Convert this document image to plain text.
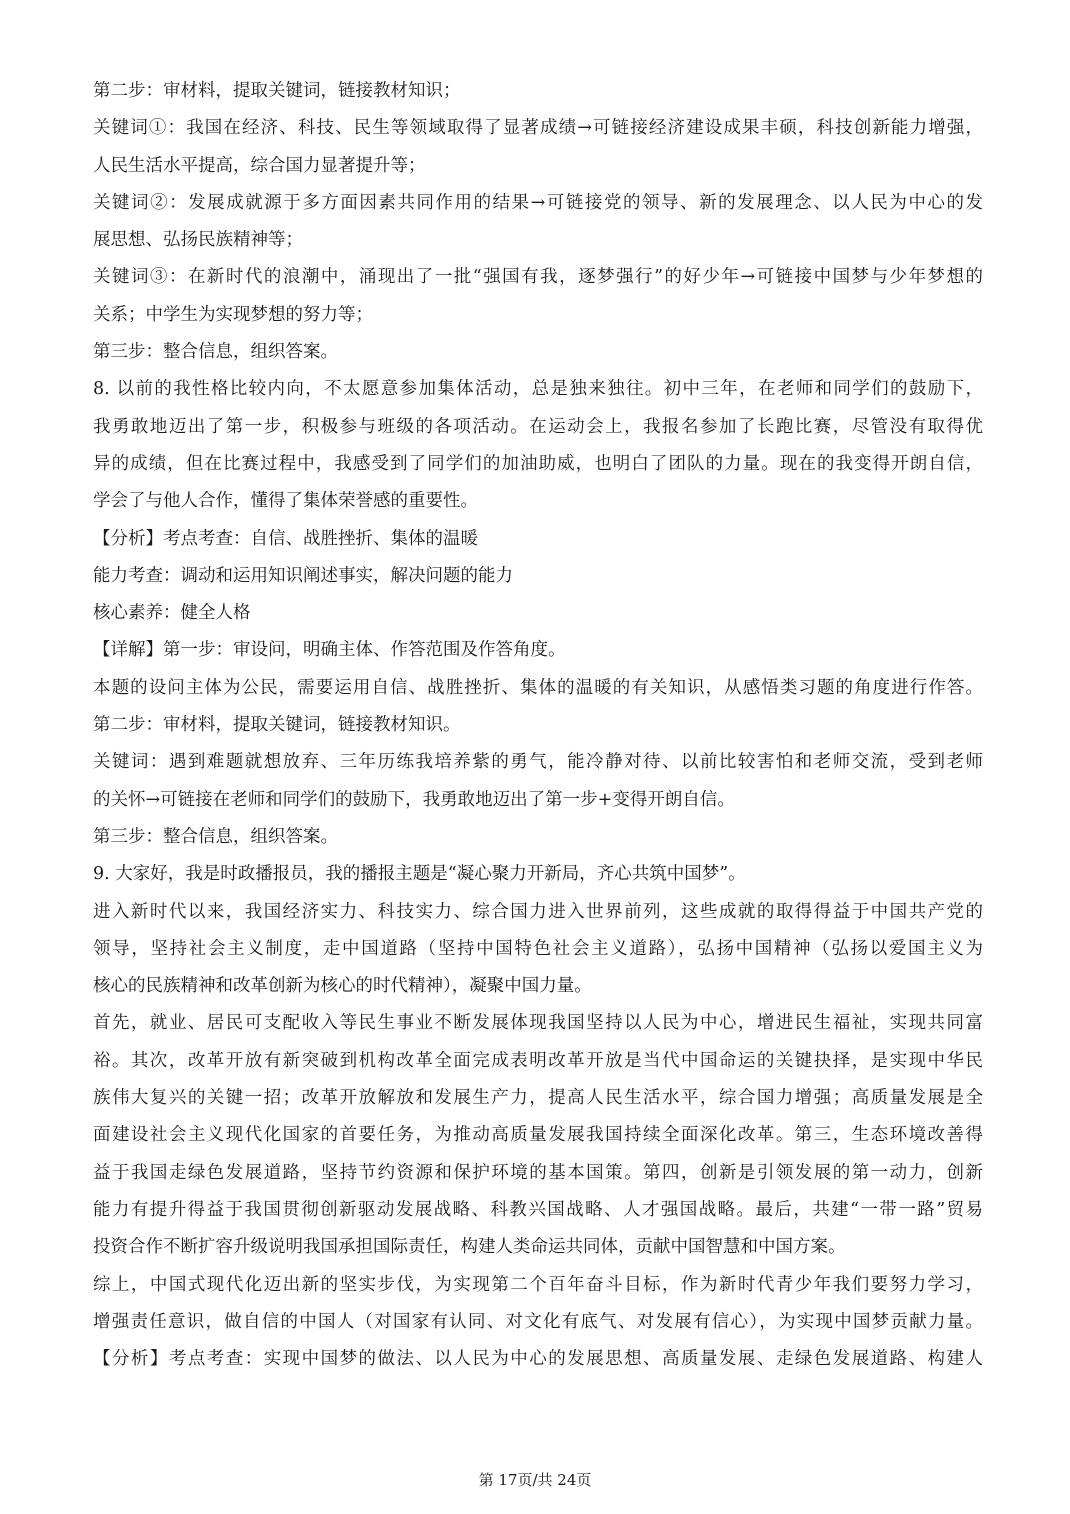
第二步：审材料，提取关键词，链接教材知识；
关键词①：我国在经济、科技、民生等领域取得了显著成绩→可链接经济建设成果丰硕，科技创新能力增强，
人民生活水平提高，综合国力显著提升等；
关键词②：发展成就源于多方面因素共同作用的结果→可链接党的领导、新的发展理念、以人民为中心的发
展思想、弘扬民族精神等；
关键词③：在新时代的浪潮中，涌现出了一批“强国有我，逐梦强行”的好少年→可链接中国梦与少年梦想的
关系；中学生为实现梦想的努力等；
第三步：整合信息，组织答案。
8. 以前的我性格比较内向，不太愿意参加集体活动，总是独来独往。初中三年，在老师和同学们的鼓励下，
我勇敢地迈出了第一步，积极参与班级的各项活动。在运动会上，我报名参加了长跑比赛，尽管没有取得优
异的成绩，但在比赛过程中，我感受到了同学们的加油助威，也明白了团队的力量。现在的我变得开朗自信，
学会了与他人合作，懂得了集体荣誉感的重要性。
【分析】考点考查：自信、战胜挫折、集体的温暖
能力考查：调动和运用知识阐述事实，解决问题的能力
核心素养：健全人格
【详解】第一步：审设问，明确主体、作答范围及作答角度。
本题的设问主体为公民，需要运用自信、战胜挫折、集体的温暖的有关知识，从感悟类习题的角度进行作答。
第二步：审材料，提取关键词，链接教材知识。
关键词：遇到难题就想放弃、三年历练我培养紫的勇气，能冷静对待、以前比较害怕和老师交流，受到老师
的关怀→可链接在老师和同学们的鼓励下，我勇敢地迈出了第一步+变得开朗自信。
第三步：整合信息，组织答案。
9. 大家好，我是时政播报员，我的播报主题是“凝心聚力开新局，齐心共筑中国梦”。
进入新时代以来，我国经济实力、科技实力、综合国力进入世界前列，这些成就的取得得益于中国共产党的
领导，坚持社会主义制度，走中国道路（坚持中国特色社会主义道路），弘扬中国精神（弘扬以爱国主义为
核心的民族精神和改革创新为核心的时代精神），凝聚中国力量。
首先，就业、居民可支配收入等民生事业不断发展体现我国坚持以人民为中心，增进民生福祉，实现共同富
裕。其次，改革开放有新突破到机构改革全面完成表明改革开放是当代中国命运的关键抉择，是实现中华民
族伟大复兴的关键一招；改革开放解放和发展生产力，提高人民生活水平，综合国力增强；高质量发展是全
面建设社会主义现代化国家的首要任务，为推动高质量发展我国持续全面深化改革。第三，生态环境改善得
益于我国走绿色发展道路，坚持节约资源和保护环境的基本国策。第四，创新是引领发展的第一动力，创新
能力有提升得益于我国贯彻创新驱动发展战略、科教兴国战略、人才强国战略。最后，共建“一带一路”贸易
投资合作不断扩容升级说明我国承担国际责任，构建人类命运共同体，贡献中国智慧和中国方案。
综上，中国式现代化迈出新的坚实步伐，为实现第二个百年奋斗目标，作为新时代青少年我们要努力学习，
增强责任意识，做自信的中国人（对国家有认同、对文化有底气、对发展有信心），为实现中国梦贡献力量。
【分析】考点考查：实现中国梦的做法、以人民为中心的发展思想、高质量发展、走绿色发展道路、构建人
第 17页/共 24页
